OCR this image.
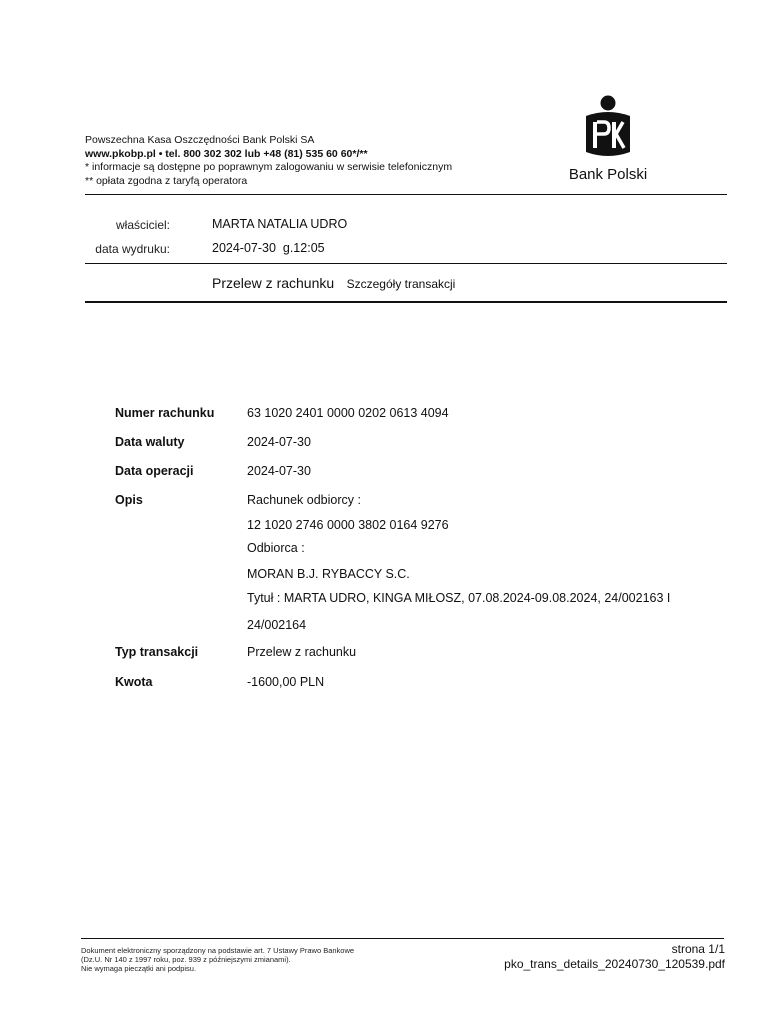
Powszechna Kasa Oszczędności Bank Polski SA
www.pkobp.pl • tel. 800 302 302 lub +48 (81) 535 60 60*/**
* informacje są dostępne po poprawnym zalogowaniu w serwisie telefonicznym
** opłata zgodna z taryfą operatora	Bank Polski
właściciel:	MARTA NATALIA UDRO
data wydruku:	2024-07-30  g.12:05
Przelew z rachunku Szczegóły transakcji
Numer rachunku	63 1020 2401 0000 0202 0613 4094
Data waluty	2024-07-30
Data operacji	2024-07-30
Opis	Rachunek odbiorcy :
12 1020 2746 0000 3802 0164 9276
Odbiorca :
MORAN B.J. RYBACCY S.C.
Tytuł : MARTA UDRO, KINGA MIŁOSZ, 07.08.2024-09.08.2024, 24/002163 I
24/002164
Typ transakcji	Przelew z rachunku
Kwota	-1600,00 PLN
Dokument elektroniczny sporządzony na podstawie art. 7 Ustawy Prawo Bankowe
(Dz.U. Nr 140 z 1997 roku, poz. 939 z późniejszymi zmianami).
Nie wymaga pieczątki ani podpisu.
strona 1/1
pko_trans_details_20240730_120539.pdf
